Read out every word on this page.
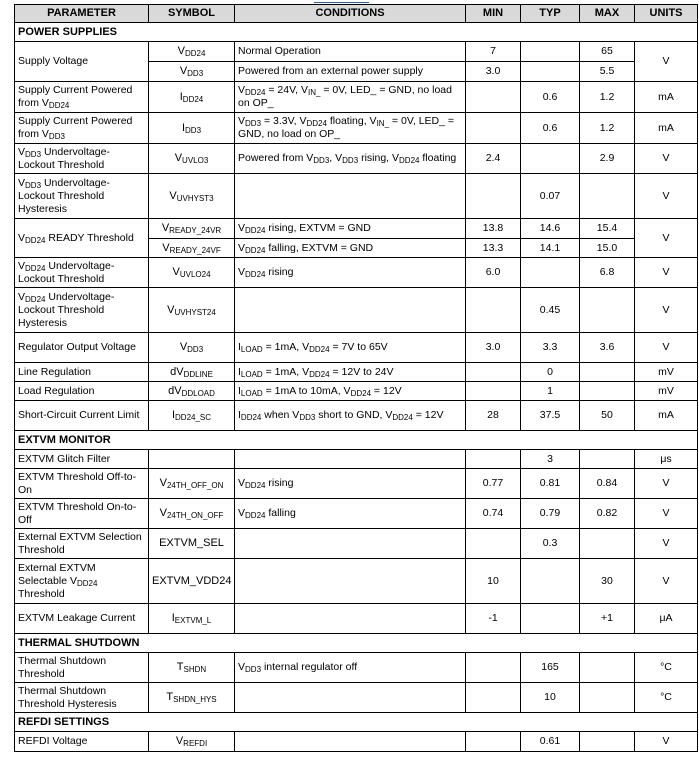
PARAMETER	SYMBOL	CONDITIONS	MIN	TYP	MAX	UNITS
POWER SUPPLIES						
Supply Voltage	$V_{DD24}$	Normal Operation	7		65	V
	$V_{DD3}$	Powered from an external power supply	3.0		5.5	
Supply Current Powered from $V_{DD24}$	$I_{DD24}$	$V_{DD24} = 24V$, $V_{IN\_} = 0V$, LED_ = GND, no load on OP_		0.6	1.2	mA
Supply Current Powered from $V_{DD3}$	$I_{DD3}$	$V_{DD3} = 3.3V$, $V_{DD24}$ floating, $V_{IN\_} = 0V$, LED_ = GND, no load on OP_		0.6	1.2	mA
$V_{DD3}$ Undervoltage-Lockout Threshold	$V_{UVLO3}$	Powered from $V_{DD3}$, $V_{DD3}$ rising, $V_{DD24}$ floating	2.4		2.9	V
$V_{DD3}$ Undervoltage-Lockout Threshold Hysteresis	$V_{UVHYST3}$			0.07		V
$V_{DD24}$ READY Threshold	$V_{READY\_24VR}$	$V_{DD24}$ rising, EXTVM = GND	13.8	14.6	15.4	V
	$V_{READY\_24VF}$	$V_{DD24}$ falling, EXTVM = GND	13.3	14.1	15.0	
$V_{DD24}$ Undervoltage-Lockout Threshold	$V_{UVLO24}$	$V_{DD24}$ rising	6.0		6.8	V
$V_{DD24}$ Undervoltage-Lockout Threshold Hysteresis	$V_{UVHYST24}$			0.45		V
Regulator Output Voltage	$V_{DD3}$	$I_{LOAD} = 1mA$, $V_{DD24} = 7V$ to 65V	3.0	3.3	3.6	V
Line Regulation	$dV_{DDLINE}$	$I_{LOAD} = 1mA$, $V_{DD24} = 12V$ to 24V		0		mV
Load Regulation	$dV_{DDLOAD}$	$I_{LOAD} = 1mA$ to 10mA, $V_{DD24} = 12V$		1		mV
Short-Circuit Current Limit	$I_{DD24\_SC}$	$I_{DD24}$ when $V_{DD3}$ short to GND, $V_{DD24} = 12V$	28	37.5	50	mA
EXTVM MONITOR						
EXTVM Glitch Filter				3		μs
EXTVM Threshold Off-to-On	$V_{24TH\_OFF\_ON}$	$V_{DD24}$ rising	0.77	0.81	0.84	V
EXTVM Threshold On-to-Off	$V_{24TH\_ON\_OFF}$	$V_{DD24}$ falling	0.74	0.79	0.82	V
External EXTVM Selection Threshold	EXTVM_SEL			0.3		V
External EXTVM Selectable $V_{DD24}$ Threshold	EXTVM_VDD24		10		30	V
EXTVM Leakage Current	$I_{EXTVM\_L}$		-1		+1	μA
THERMAL SHUTDOWN						
Thermal Shutdown Threshold	$T_{SHDN}$	$V_{DD3}$ internal regulator off		165		°C
Thermal Shutdown Threshold Hysteresis	$T_{SHDN\_HYS}$			10		°C
REFDI SETTINGS						
REFDI Voltage	$V_{REFDI}$			0.61		V
